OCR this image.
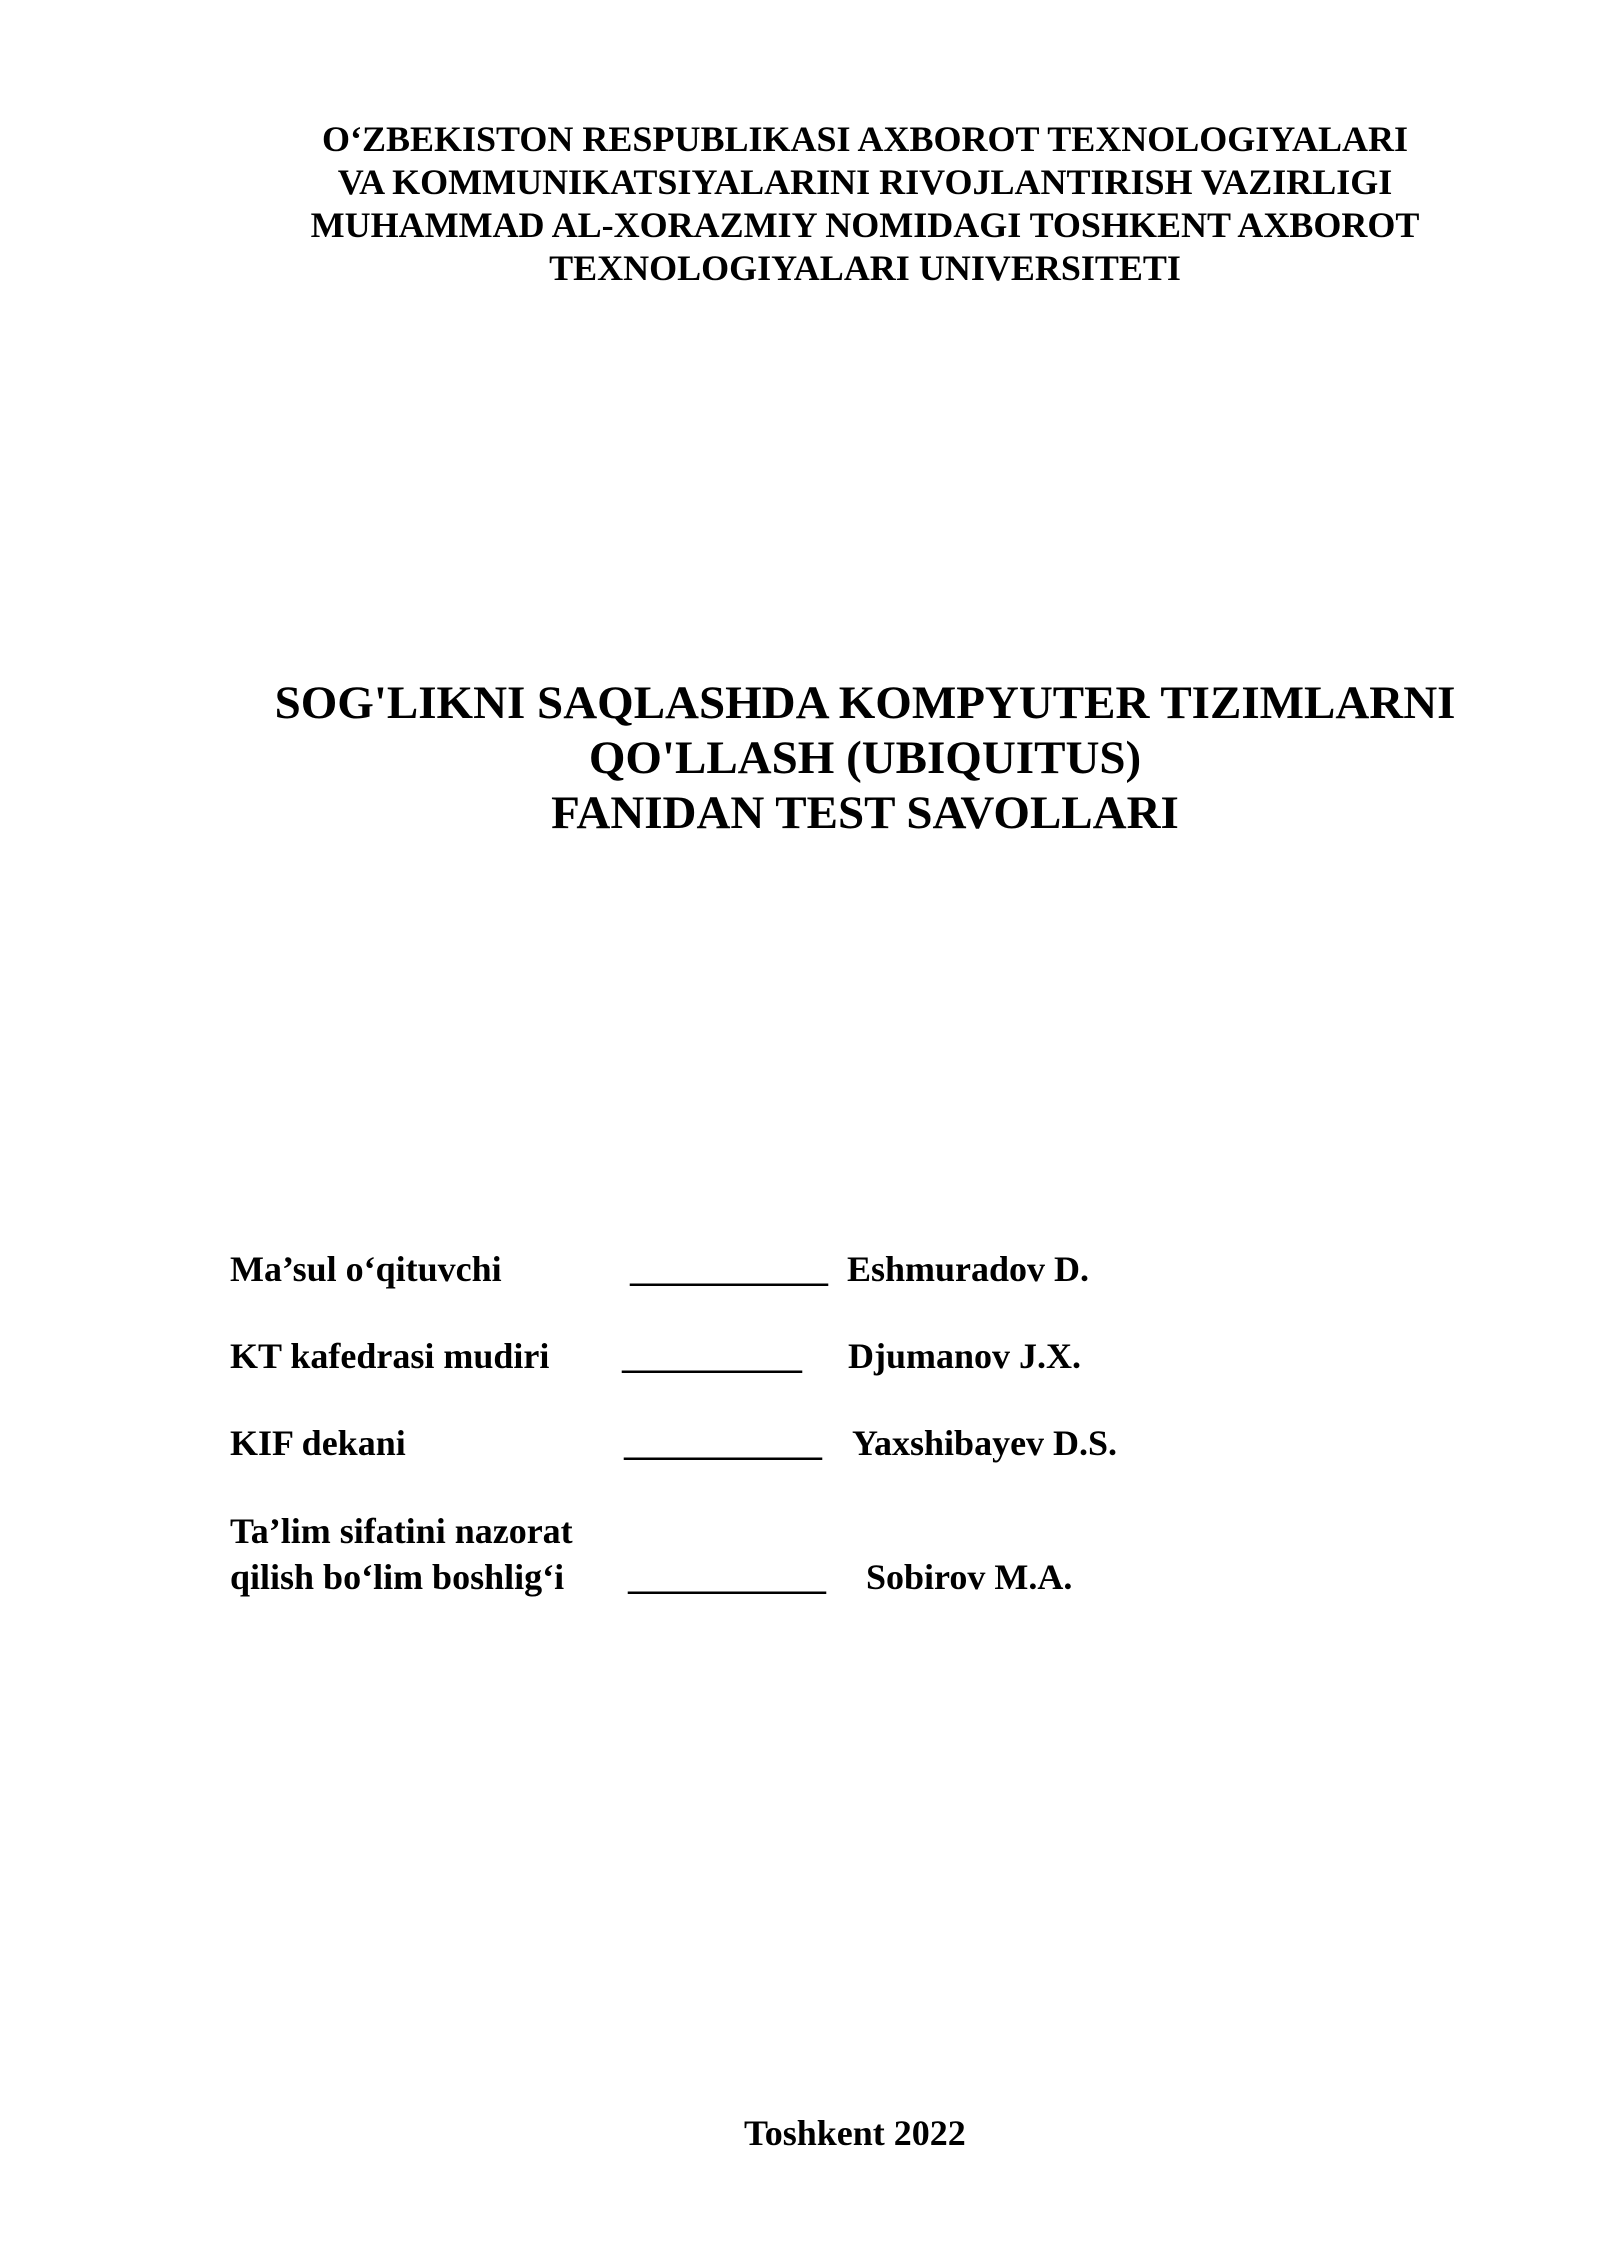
O‘ZBEKISTON RESPUBLIKASI AXBOROT TEXNOLOGIYALARI
VA KOMMUNIKATSIYALARINI RIVOJLANTIRISH VAZIRLIGI
MUHAMMAD AL-XORAZMIY NOMIDAGI TOSHKENT AXBOROT
TEXNOLOGIYALARI UNIVERSITETI
SOG'LIKNI SAQLASHDA KOMPYUTER TIZIMLARNI
QO'LLASH (UBIQUITUS)
FANIDAN TEST SAVOLLARI
Ma’sul o‘qituvchi	___________ Eshmuradov D.
KT kafedrasi mudiri __________ Djumanov J.X.
KIF dekani	___________ Yaxshibayev D.S.
Ta’lim sifatini nazorat
qilish bo‘lim boshlig‘i ___________ Sobirov M.A.
Toshkent 2022
